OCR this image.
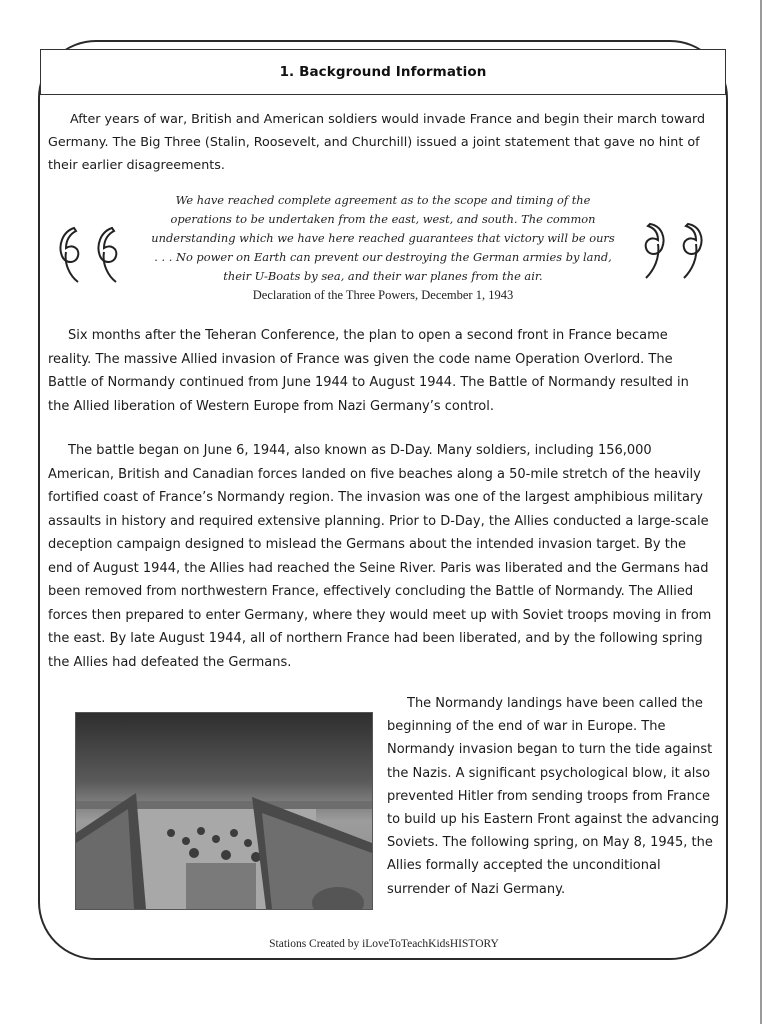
1. Background Information

After years of war, British and American soldiers would invade France and begin their march toward Germany. The Big Three (Stalin, Roosevelt, and Churchill) issued a joint statement that gave no hint of their earlier disagreements.

We have reached complete agreement as to the scope and timing of the operations to be undertaken from the east, west, and south. The common understanding which we have here reached guarantees that victory will be ours . . . No power on Earth can prevent our destroying the German armies by land, their U-Boats by sea, and their war planes from the air.
Declaration of the Three Powers, December 1, 1943

Six months after the Teheran Conference, the plan to open a second front in France became reality. The massive Allied invasion of France was given the code name Operation Overlord. The Battle of Normandy continued from June 1944 to August 1944. The Battle of Normandy resulted in the Allied liberation of Western Europe from Nazi Germany’s control.

The battle began on June 6, 1944, also known as D-Day. Many soldiers, including 156,000 American, British and Canadian forces landed on five beaches along a 50-mile stretch of the heavily fortified coast of France’s Normandy region. The invasion was one of the largest amphibious military assaults in history and required extensive planning. Prior to D-Day, the Allies conducted a large-scale deception campaign designed to mislead the Germans about the intended invasion target. By the end of August 1944, the Allies had reached the Seine River. Paris was liberated and the Germans had been removed from northwestern France, effectively concluding the Battle of Normandy. The Allied forces then prepared to enter Germany, where they would meet up with Soviet troops moving in from the east. By late August 1944, all of northern France had been liberated, and by the following spring the Allies had defeated the Germans.

The Normandy landings have been called the beginning of the end of war in Europe. The Normandy invasion began to turn the tide against the Nazis. A significant psychological blow, it also prevented Hitler from sending troops from France to build up his Eastern Front against the advancing Soviets. The following spring, on May 8, 1945, the Allies formally accepted the unconditional surrender of Nazi Germany.

Stations Created by iLoveToTeachKidsHISTORY
